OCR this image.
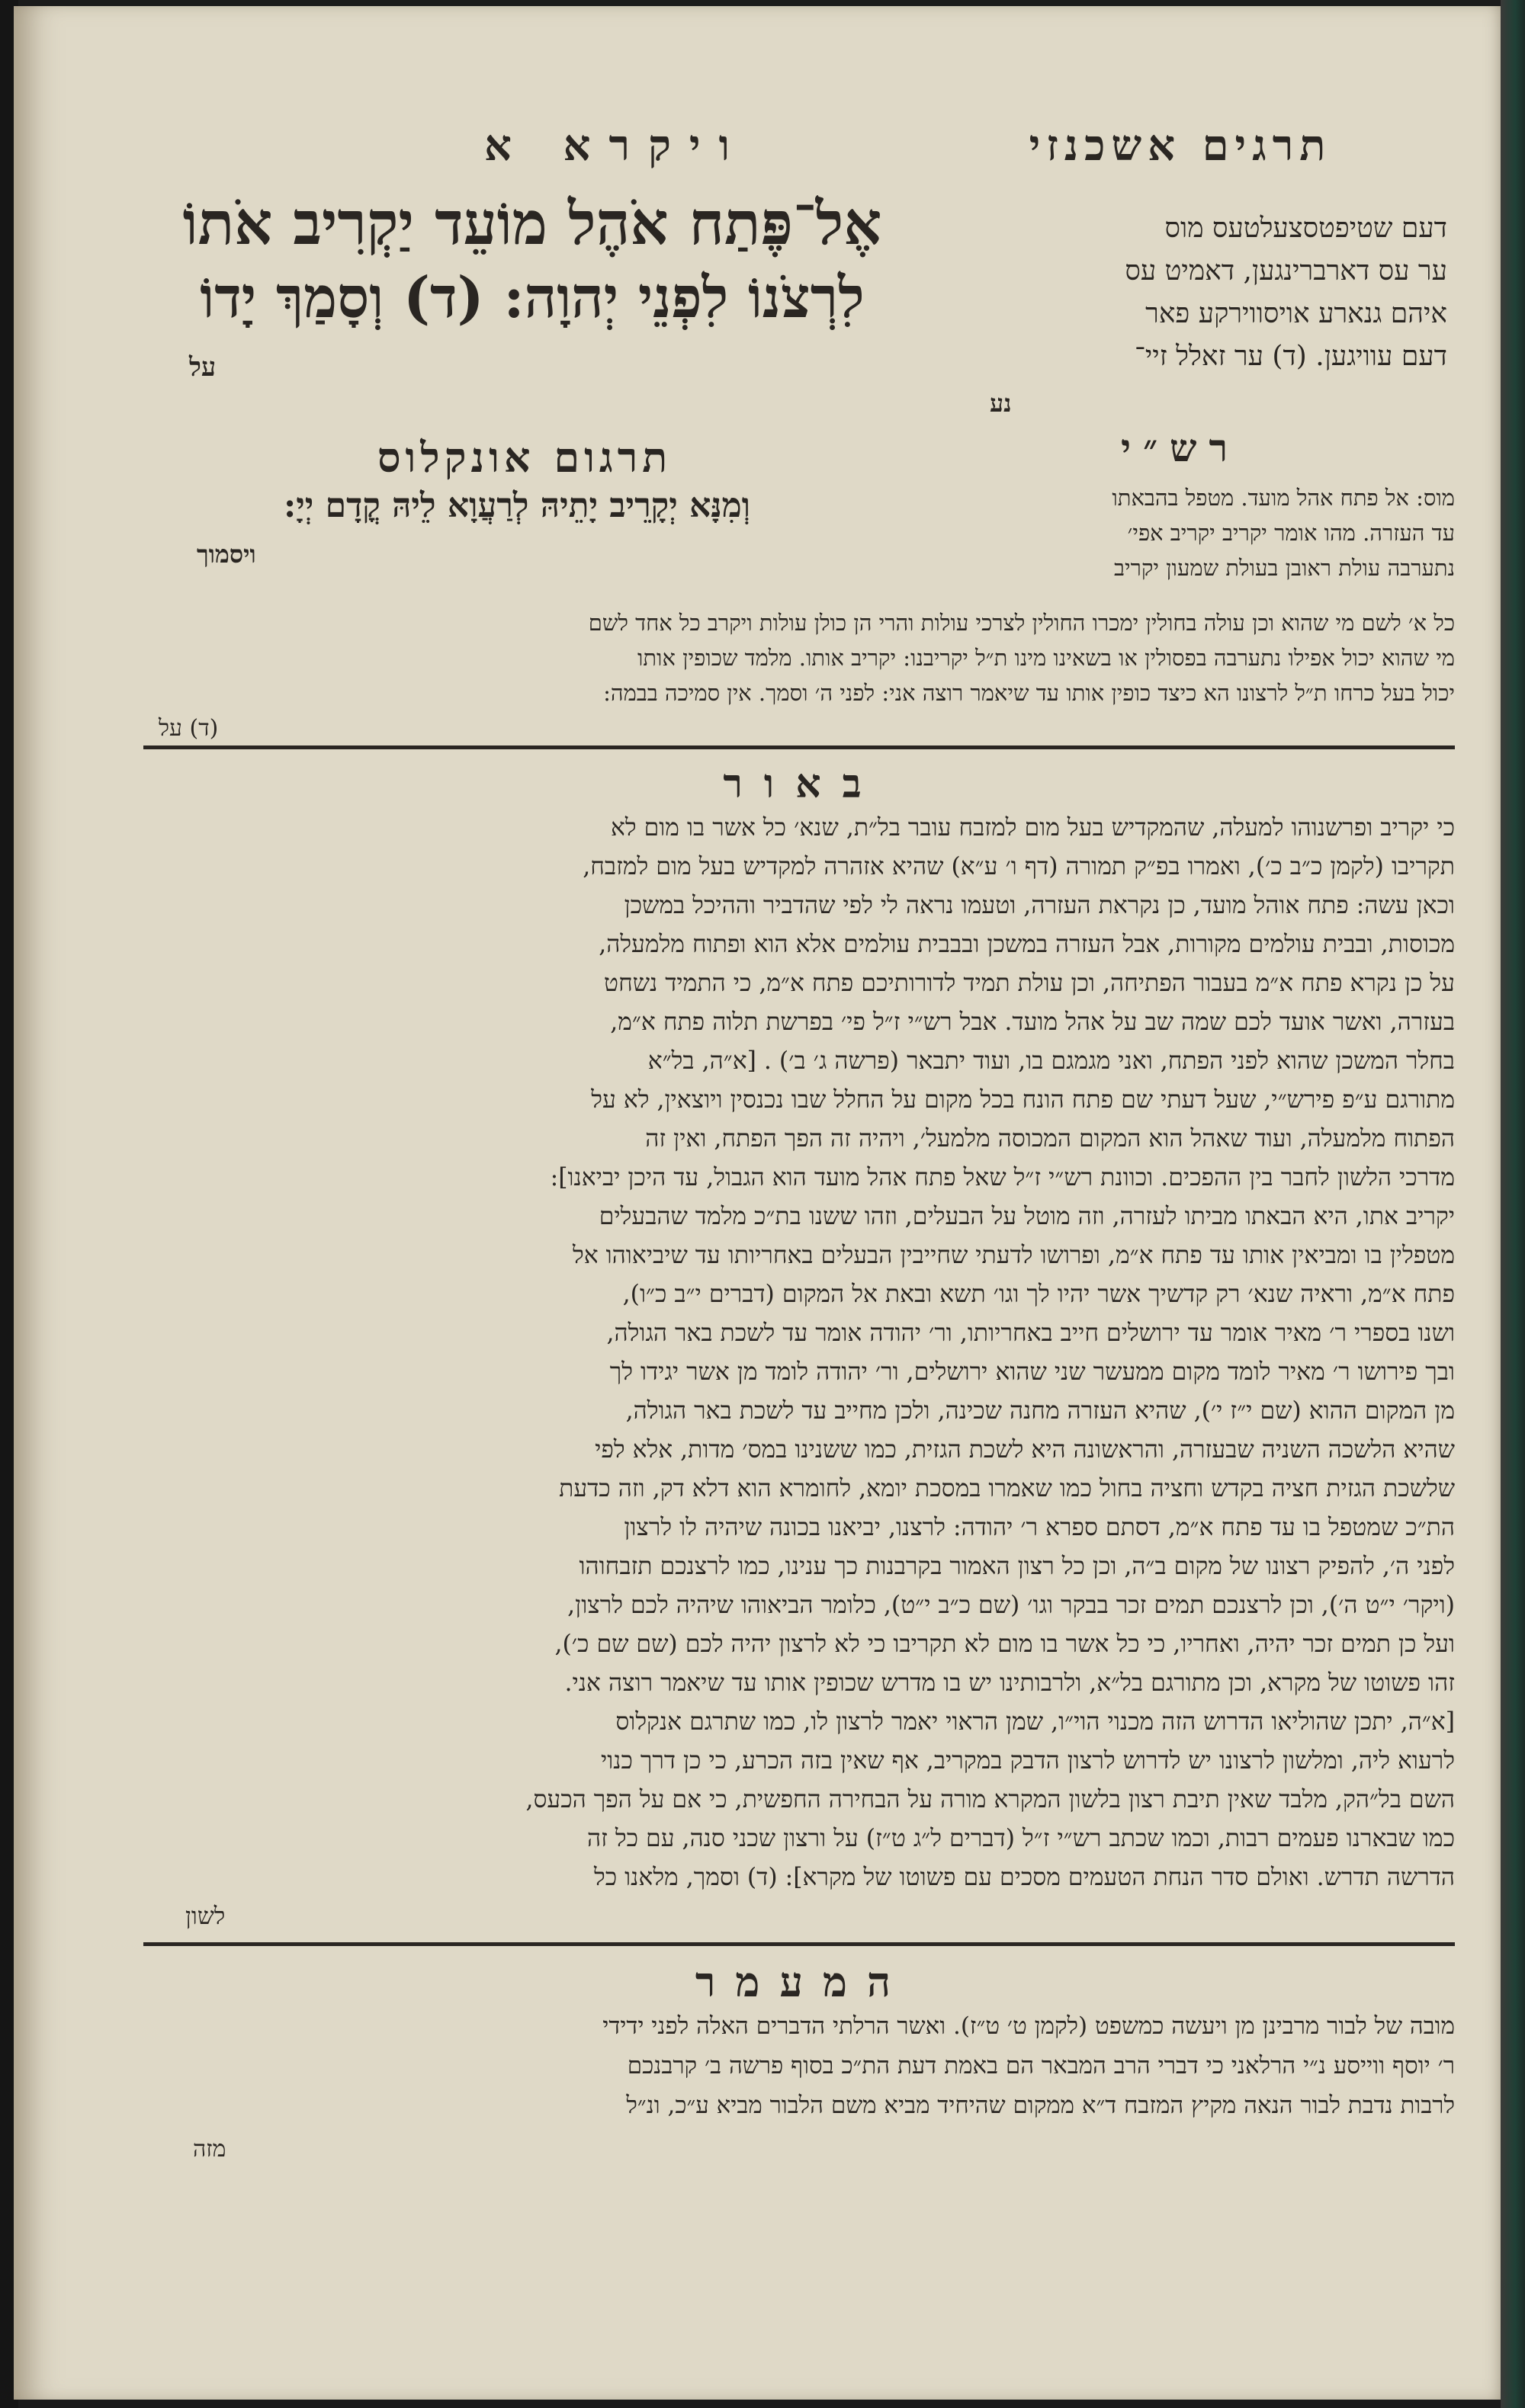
תרגים אשכנזי
ויקרא א
אֶל־פֶּתַח אֹהֶל מוֹעֵד יַקְרִיב אֹתוֹ
לִרְצֹנוֹ לִפְנֵי יְהוָה: (ד) וְסָמַךְ יָדוֹ
על
דעם שטיפטסצעלטעס מוס
ער עס דארברינגען, דאמיט עס
איהם גנארע אויסווירקע פאר
דעם עוויגען. (ד) ער זאלל זיי־
נע
רש״י
תרגום אונקלוס
מוס: אל פתח אהל מועד. מטפל בהבאתו
עד העזרה. מהו אומר יקריב יקריב אפי׳
נתערבה עולת ראובן בעולת שמעון יקריב
וְמִנָּא יְקָרֵיב יָתֵיהּ לְרַעֲוָא לֵיהּ קֳדָם יְיָ:
ויסמוך
כל א׳ לשם מי שהוא וכן עולה בחולין ימכרו החולין לצרכי עולות והרי הן כולן עולות ויקרב כל אחד לשם
מי שהוא יכול אפילו נתערבה בפסולין או בשאינו מינו ת״ל יקריבנו: יקריב אותו. מלמד שכופין אותו
יכול בעל כרחו ת״ל לרצונו הא כיצד כופין אותו עד שיאמר רוצה אני: לפני ה׳ וסמך. אין סמיכה בבמה:
(ד) על
באור
כי יקריב ופרשנוהו למעלה, שהמקדיש בעל מום למזבח עובר בל״ת, שנא׳ כל אשר בו מום לא
תקריבו (לקמן כ״ב כ׳), ואמרו בפ״ק תמורה (דף ו׳ ע״א) שהיא אזהרה למקדיש בעל מום למזבח,
וכאן עשה: פתח אוהל מועד, כן נקראת העזרה, וטעמו נראה לי לפי שהדביר וההיכל במשכן
מכוסות, ובבית עולמים מקורות, אבל העזרה במשכן ובבבית עולמים אלא הוא ופתוח מלמעלה,
על כן נקרא פתח א״מ בעבור הפתיחה, וכן עולת תמיד לדורותיכם פתח א״מ, כי התמיד נשחט
בעזרה, ואשר אועד לכם שמה שב על אהל מועד. אבל רש״י ז״ל פי׳ בפרשת תלוה פתח א״מ,
בחלר המשכן שהוא לפני הפתח, ואני מגמגם בו, ועוד יתבאר (פרשה ג׳ ב׳) . [א״ה, בל״א
מתורגם ע״פ פירש״י, שעל דעתי שם פתח הונח בכל מקום על החלל שבו נכנסין ויוצאין, לא על
הפתוח מלמעלה, ועוד שאהל הוא המקום המכוסה מלמעל׳, ויהיה זה הפך הפתח, ואין זה
מדרכי הלשון לחבר בין ההפכים. וכוונת רש״י ז״ל שאל פתח אהל מועד הוא הגבול, עד היכן יביאנו]:
יקריב אתו, היא הבאתו מביתו לעזרה, וזה מוטל על הבעלים, וזהו ששנו בת״כ מלמד שהבעלים
מטפלין בו ומביאין אותו עד פתח א״מ, ופרושו לדעתי שחייבין הבעלים באחריותו עד שיביאוהו אל
פתח א״מ, וראיה שנא׳ רק קדשיך אשר יהיו לך וגו׳ תשא ובאת אל המקום (דברים י״ב כ״ו),
ושנו בספרי ר׳ מאיר אומר עד ירושלים חייב באחריותו, ור׳ יהודה אומר עד לשכת באר הגולה,
ובך פירושו ר׳ מאיר לומד מקום ממעשר שני שהוא ירושלים, ור׳ יהודה לומד מן אשר יגידו לך
מן המקום ההוא (שם י״ז י׳), שהיא העזרה מחנה שכינה, ולכן מחייב עד לשכת באר הגולה,
שהיא הלשכה השניה שבעזרה, והראשונה היא לשכת הגזית, כמו ששנינו במס׳ מדות, אלא לפי
שלשכת הגזית חציה בקדש וחציה בחול כמו שאמרו במסכת יומא, לחומרא הוא דלא דק, וזה כדעת
הת״כ שמטפל בו עד פתח א״מ, דסתם ספרא ר׳ יהודה: לרצנו, יביאנו בכונה שיהיה לו לרצון
לפני ה׳, להפיק רצונו של מקום ב״ה, וכן כל רצון האמור בקרבנות כך ענינו, כמו לרצנכם תזבחוהו
(ויקר׳ י״ט ה׳), וכן לרצנכם תמים זכר בבקר וגו׳ (שם כ״ב י״ט), כלומר הביאוהו שיהיה לכם לרצון,
ועל כן תמים זכר יהיה, ואחריו, כי כל אשר בו מום לא תקריבו כי לא לרצון יהיה לכם (שם שם כ׳),
זהו פשוטו של מקרא, וכן מתורגם בל״א, ולרבותינו יש בו מדרש שכופין אותו עד שיאמר רוצה אני.
[א״ה, יתכן שהוליאו הדרוש הזה מכנוי הוי״ו, שמן הראוי יאמר לרצון לו, כמו שתרגם אנקלוס
לרעוא ליה, ומלשון לרצונו יש לדרוש לרצון הדבק במקריב, אף שאין בזה הכרע, כי כן דרך כנוי
השם בל״הק, מלבד שאין תיבת רצון בלשון המקרא מורה על הבחירה החפשית, כי אם על הפך הכעס,
כמו שבארנו פעמים רבות, וכמו שכתב רש״י ז״ל (דברים ל״ג ט״ז) על ורצון שכני סנה, עם כל זה
הדרשה תדרש. ואולם סדר הנחת הטעמים מסכים עם פשוטו של מקרא]: (ד) וסמך, מלאנו כל
לשון
המעמר
מובה של לבור מרבינן מן ויעשה כמשפט (לקמן ט׳ ט״ז). ואשר הרלתי הדברים האלה לפני ידידי
ר׳ יוסף ווייסע נ״י הרלאני כי דברי הרב המבאר הם באמת דעת הת״כ בסוף פרשה ב׳ קרבנכם
לרבות נדבת לבור הנאה מקיץ המזבח ד״א ממקום שהיחיד מביא משם הלבור מביא ע״כ, ונ״ל
מזה
